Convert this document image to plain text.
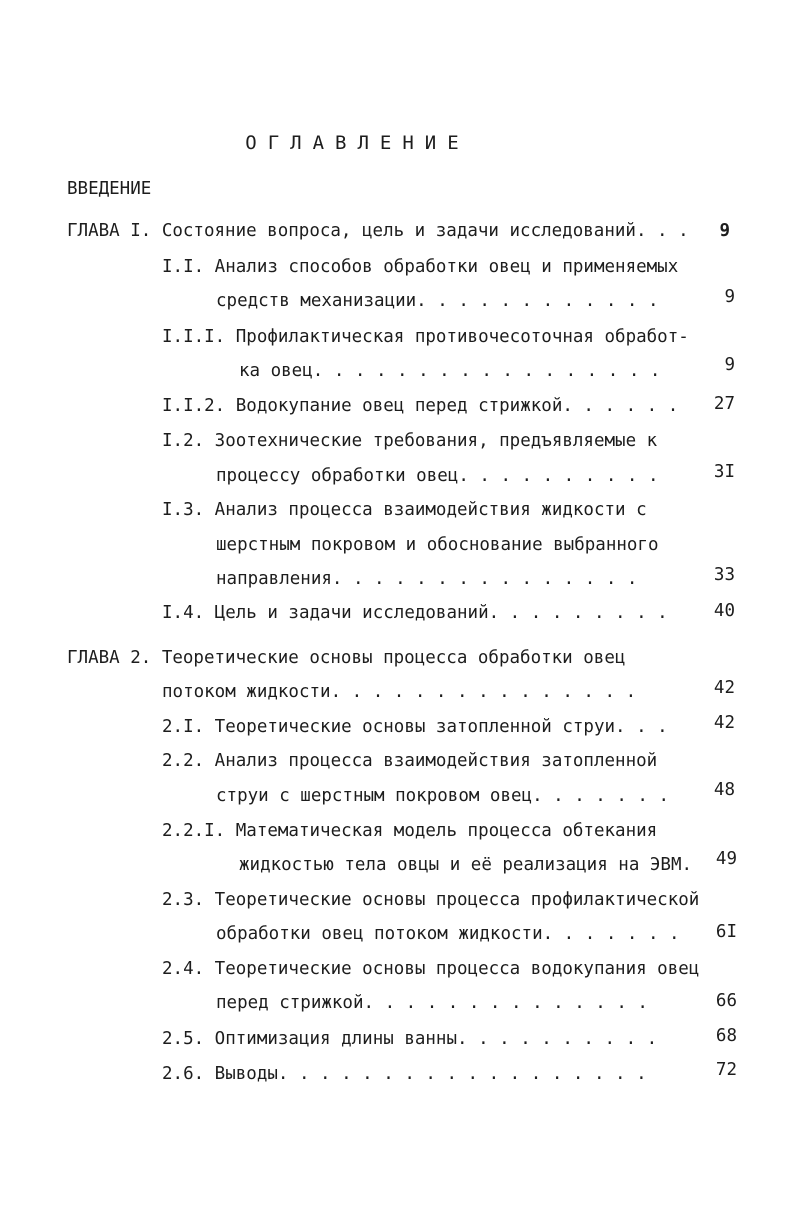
ОГЛАВЛЕНИЕ
ВВЕДЕНИЕ
ГЛАВА I. Состояние вопроса, цель и задачи исследований. . .	9
I.I. Анализ способов обработки овец и применяемых
средств механизации. . . . . . . . . . . .	9
I.I.I. Профилактическая противочесоточная обработ-
ка овец. . . . . . . . . . . . . . . . .	9
I.I.2. Водокупание овец перед стрижкой. . . . . .	27
I.2. Зоотехнические требования, предъявляемые к
процессу обработки овец. . . . . . . . . .	3I
I.3. Анализ процесса взаимодействия жидкости с
шерстным покровом и обоснование выбранного
направления. . . . . . . . . . . . . . .	33
I.4. Цель и задачи исследований. . . . . . . . .	40
ГЛАВА 2. Теоретические основы процесса обработки овец
потоком жидкости. . . . . . . . . . . . . . .	42
2.I. Теоретические основы затопленной струи. . .	42
2.2. Анализ процесса взаимодействия затопленной
струи с шерстным покровом овец. . . . . . .	48
2.2.I. Математическая модель процесса обтекания
жидкостью тела овцы и её реализация на ЭВМ.	49
2.3. Теоретические основы процесса профилактической
обработки овец потоком жидкости. . . . . . .	6I
2.4. Теоретические основы процесса водокупания овец
перед стрижкой. . . . . . . . . . . . . .	66
2.5. Оптимизация длины ванны. . . . . . . . . .	68
2.6. Выводы. . . . . . . . . . . . . . . . . .	72
